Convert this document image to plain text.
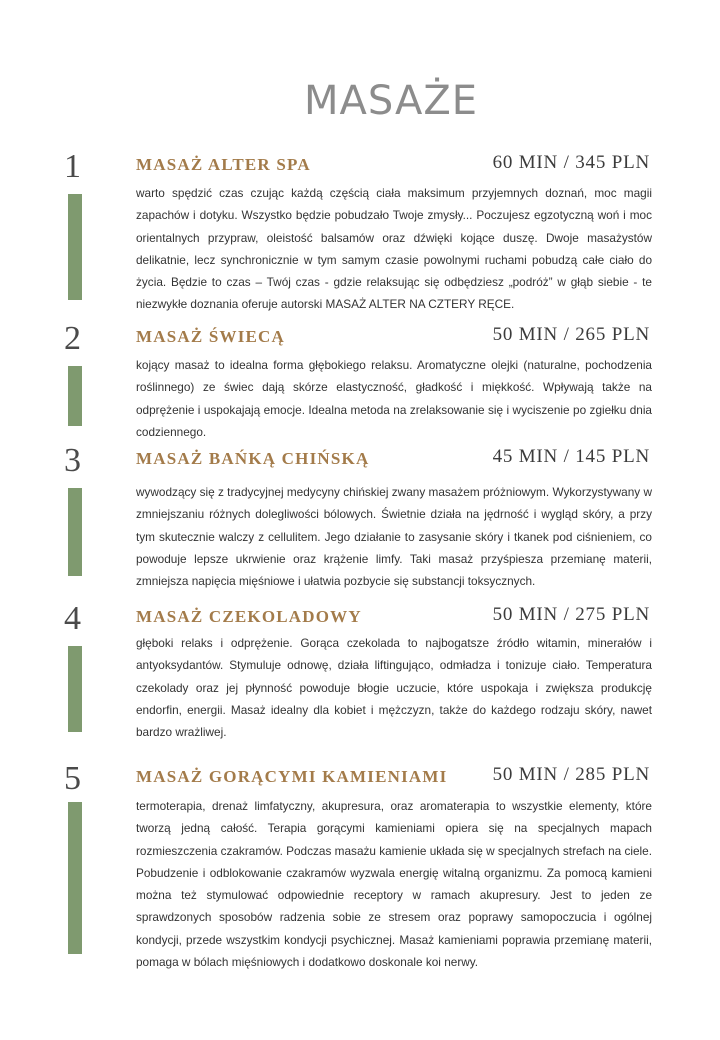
MASAŻE
1	MASAŻ ALTER SPA	60 MIN / 345 PLN

warto spędzić czas czując każdą częścią ciała maksimum przyjemnych doznań, moc magii zapachów i dotyku. Wszystko będzie pobudzało Twoje zmysły... Poczujesz egzotyczną woń i moc orientalnych przypraw, oleistość balsamów oraz dźwięki kojące duszę. Dwoje masażystów delikatnie, lecz synchronicznie w tym samym czasie powolnymi ruchami pobudzą całe ciało do życia. Będzie to czas – Twój czas - gdzie relaksując się odbędziesz „podróż” w głąb siebie - te niezwykłe doznania oferuje autorski MASAŻ ALTER NA CZTERY RĘCE.

2	MASAŻ ŚWIECĄ	50 MIN / 265 PLN

kojący masaż to idealna forma głębokiego relaksu. Aromatyczne olejki (naturalne, pochodzenia roślinnego) ze świec dają skórze elastyczność, gładkość i miękkość. Wpływają także na odprężenie i uspokajają emocje. Idealna metoda na zrelaksowanie się i wyciszenie po zgiełku dnia codziennego.

3	MASAŻ BAŃKĄ CHIŃSKĄ	45 MIN / 145 PLN

wywodzący się z tradycyjnej medycyny chińskiej zwany masażem próżniowym. Wykorzystywany w zmniejszaniu różnych dolegliwości bólowych. Świetnie działa na jędrność i wygląd skóry, a przy tym skutecznie walczy z cellulitem. Jego działanie to zasysanie skóry i tkanek pod ciśnieniem, co powoduje lepsze ukrwienie oraz krążenie limfy. Taki masaż przyśpiesza przemianę materii, zmniejsza napięcia mięśniowe i ułatwia pozbycie się substancji toksycznych.

4	MASAŻ CZEKOLADOWY	50 MIN / 275 PLN

głęboki relaks i odprężenie. Gorąca czekolada to najbogatsze źródło witamin, minerałów i antyoksydantów. Stymuluje odnowę, działa liftingująco, odmładza i tonizuje ciało. Temperatura czekolady oraz jej płynność powoduje błogie uczucie, które uspokaja i zwiększa produkcję endorfin, energii. Masaż idealny dla kobiet i mężczyzn, także do każdego rodzaju skóry, nawet bardzo wrażliwej.

5	MASAŻ GORĄCYMI KAMIENIAMI 50 MIN / 285 PLN

termoterapia, drenaż limfatyczny, akupresura, oraz aromaterapia to wszystkie elementy, które tworzą jedną całość. Terapia gorącymi kamieniami opiera się na specjalnych mapach rozmieszczenia czakramów. Podczas masażu kamienie układa się w specjalnych strefach na ciele. Pobudzenie i odblokowanie czakramów wyzwala energię witalną organizmu. Za pomocą kamieni można też stymulować odpowiednie receptory w ramach akupresury. Jest to jeden ze sprawdzonych sposobów radzenia sobie ze stresem oraz poprawy samopoczucia i ogólnej kondycji, przede wszystkim kondycji psychicznej. Masaż kamieniami poprawia przemianę materii, pomaga w bólach mięśniowych i dodatkowo doskonale koi nerwy.
